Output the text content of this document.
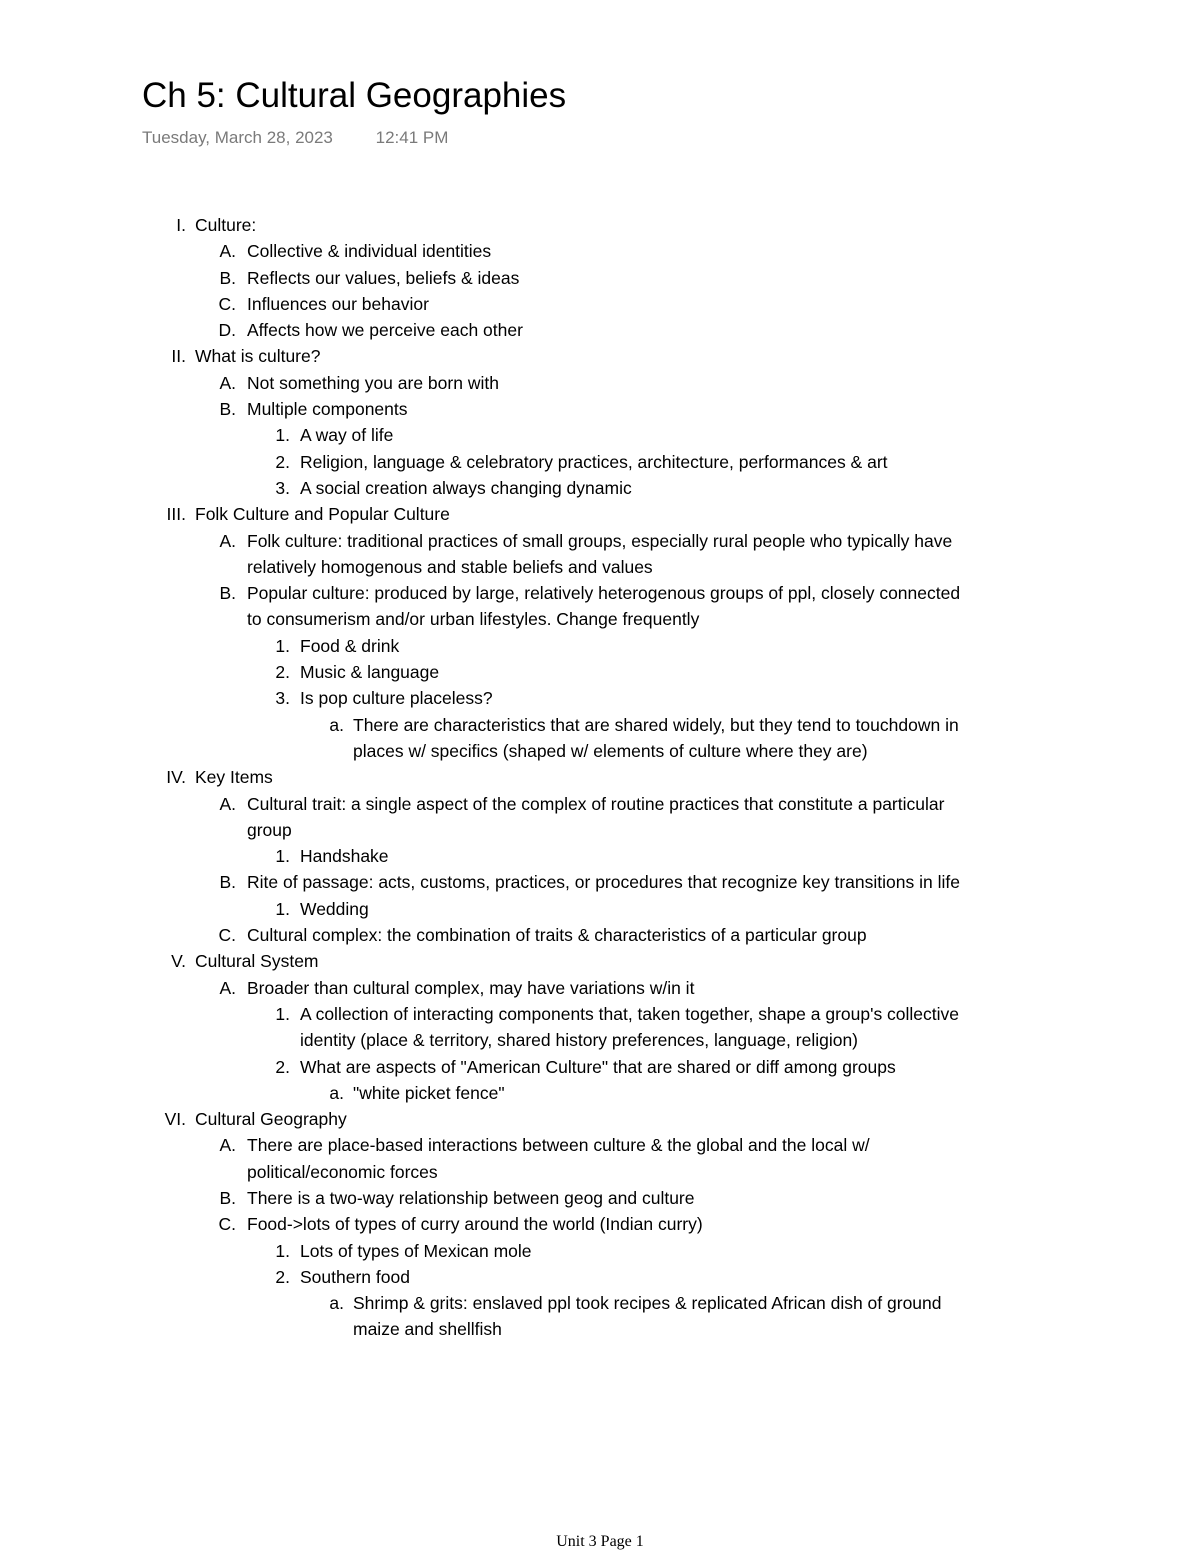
Ch 5: Cultural Geographies
Tuesday, March 28, 2023	12:41 PM
I. Culture:
A. Collective & individual identities
B. Reflects our values, beliefs & ideas
C. Influences our behavior
D. Affects how we perceive each other
II. What is culture?
A. Not something you are born with
B. Multiple components
1. A way of life
2. Religion, language & celebratory practices, architecture, performances & art
3. A social creation always changing dynamic
III. Folk Culture and Popular Culture
A. Folk culture: traditional practices of small groups, especially rural people who typically have
relatively homogenous and stable beliefs and values
B. Popular culture: produced by large, relatively heterogenous groups of ppl, closely connected
to consumerism and/or urban lifestyles. Change frequently
1. Food & drink
2. Music & language
3. Is pop culture placeless?
a. There are characteristics that are shared widely, but they tend to touchdown in
places w/ specifics (shaped w/ elements of culture where they are)
IV. Key Items
A. Cultural trait: a single aspect of the complex of routine practices that constitute a particular
group
1. Handshake
B. Rite of passage: acts, customs, practices, or procedures that recognize key transitions in life
1. Wedding
C. Cultural complex: the combination of traits & characteristics of a particular group
V. Cultural System
A. Broader than cultural complex, may have variations w/in it
1. A collection of interacting components that, taken together, shape a group's collective
identity (place & territory, shared history preferences, language, religion)
2. What are aspects of "American Culture" that are shared or diff among groups
a. "white picket fence"
VI. Cultural Geography
A. There are place-based interactions between culture & the global and the local w/
political/economic forces
B. There is a two-way relationship between geog and culture
C. Food->lots of types of curry around the world (Indian curry)
1. Lots of types of Mexican mole
2. Southern food
a. Shrimp & grits: enslaved ppl took recipes & replicated African dish of ground
maize and shellfish
Unit 3 Page 1
